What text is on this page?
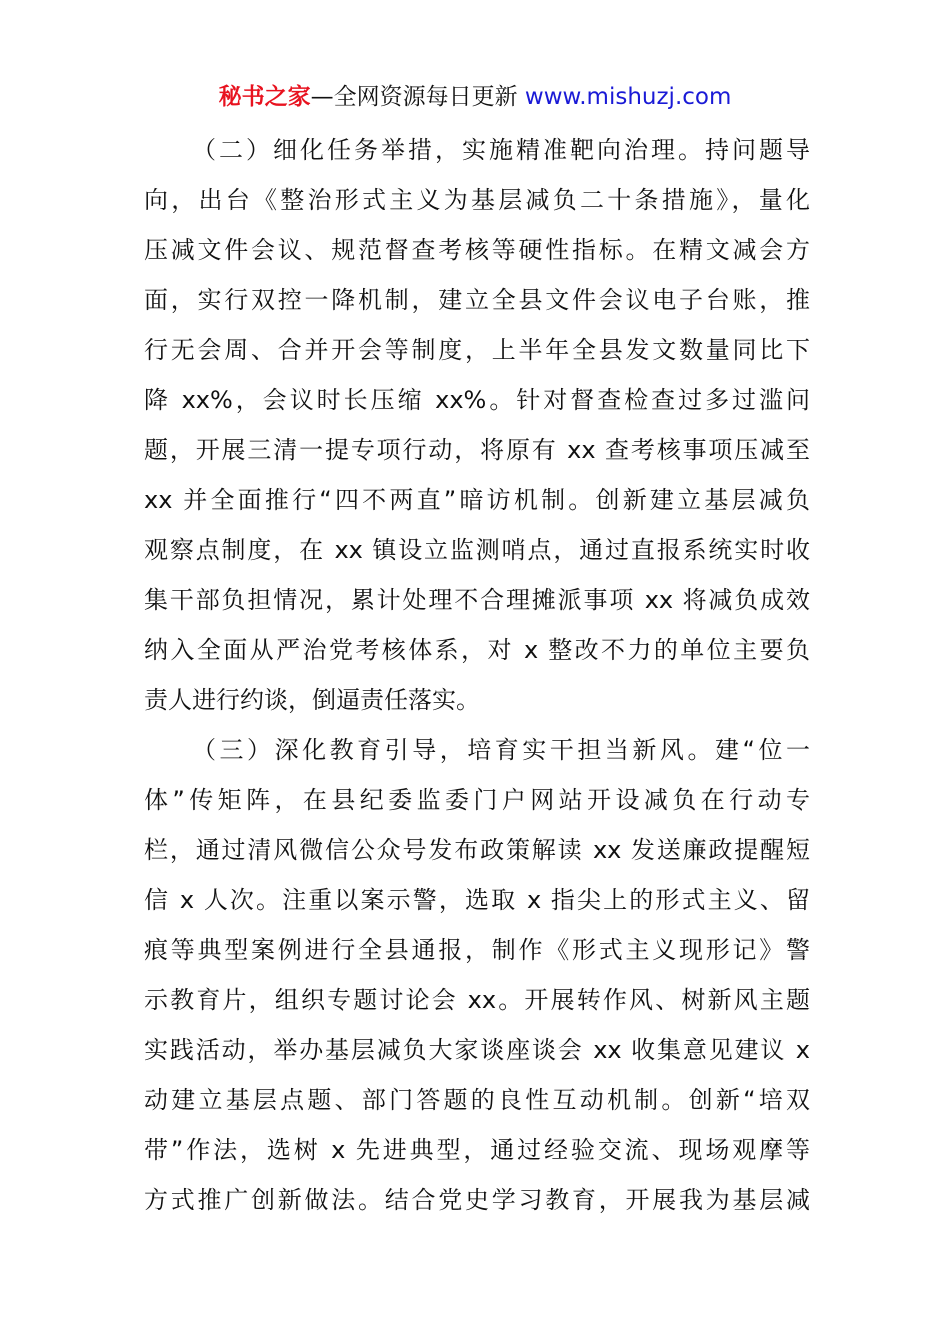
秘书之家—全网资源每日更新 www.mishuzj.com
（二）细化任务举措，实施精准靶向治理。持问题导
向，出台《整治形式主义为基层减负二十条措施》，量化
压减文件会议、规范督查考核等硬性指标。在精文减会方
面，实行双控一降机制，建立全县文件会议电子台账，推
行无会周、合并开会等制度，上半年全县发文数量同比下
降 xx%，会议时长压缩 xx%。针对督查检查过多过滥问
题，开展三清一提专项行动，将原有 xx 查考核事项压减至
xx 并全面推行“四不两直”暗访机制。创新建立基层减负
观察点制度，在 xx 镇设立监测哨点，通过直报系统实时收
集干部负担情况，累计处理不合理摊派事项 xx 将减负成效
纳入全面从严治党考核体系，对 x 整改不力的单位主要负
责人进行约谈，倒逼责任落实。
（三）深化教育引导，培育实干担当新风。建“位一
体”传矩阵，在县纪委监委门户网站开设减负在行动专
栏，通过清风微信公众号发布政策解读 xx 发送廉政提醒短
信 x 人次。注重以案示警，选取 x 指尖上的形式主义、留
痕等典型案例进行全县通报，制作《形式主义现形记》警
示教育片，组织专题讨论会 xx。开展转作风、树新风主题
实践活动，举办基层减负大家谈座谈会 xx 收集意见建议 x
动建立基层点题、部门答题的良性互动机制。创新“培双
带”作法，选树 x 先进典型，通过经验交流、现场观摩等
方式推广创新做法。结合党史学习教育，开展我为基层减
